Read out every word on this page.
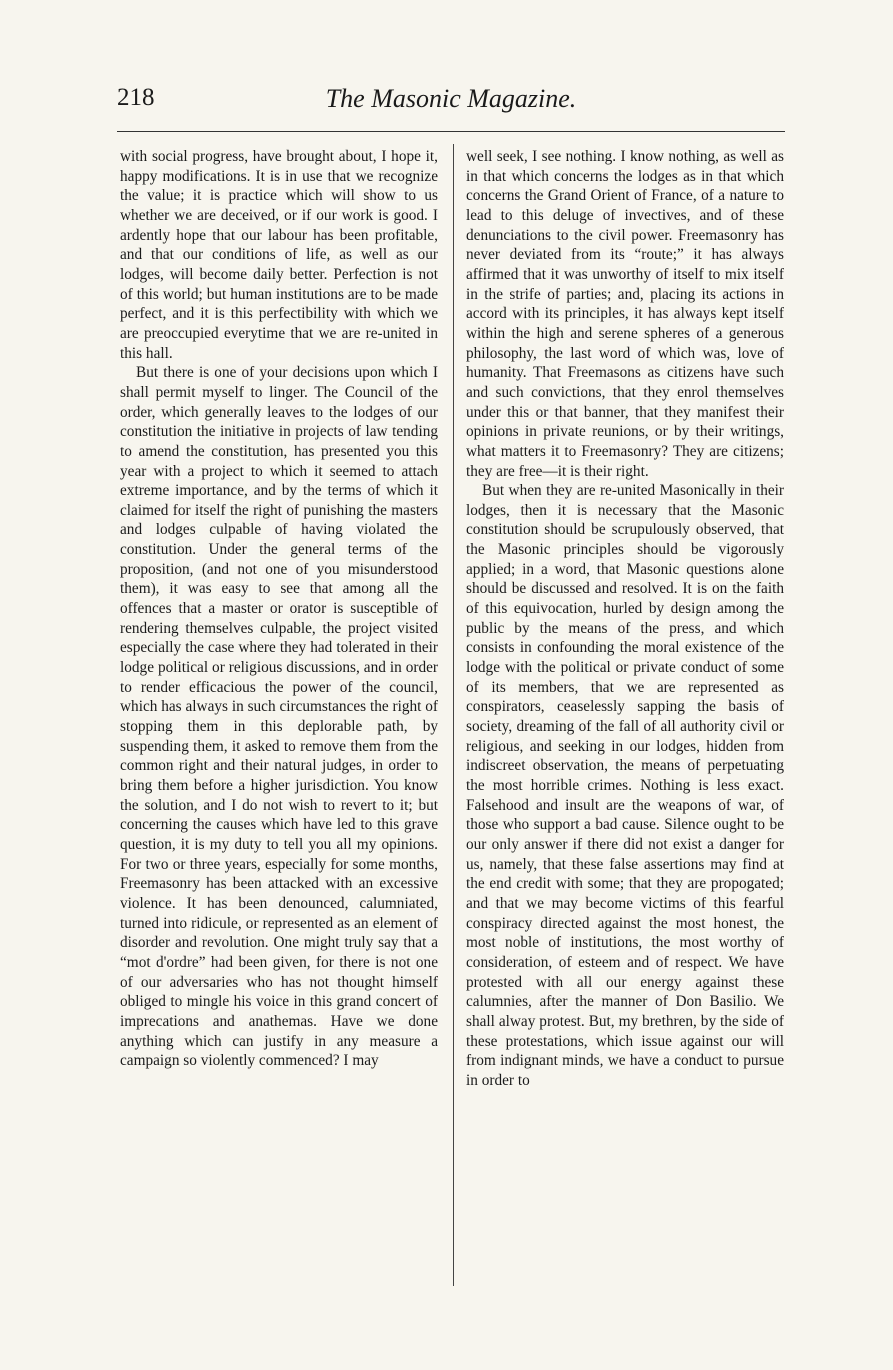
218	The Masonic Magazine.

with social progress, have brought about, I hope it, happy modifications. It is in use that we recognize the value; it is practice which will show to us whether we are deceived, or if our work is good. I ardently hope that our labour has been profitable, and that our conditions of life, as well as our lodges, will become daily better. Perfection is not of this world; but human institutions are to be made perfect, and it is this perfectibility with which we are preoccupied everytime that we are re-united in this hall.

But there is one of your decisions upon which I shall permit myself to linger. The Council of the order, which generally leaves to the lodges of our constitution the initiative in projects of law tending to amend the constitution, has presented you this year with a project to which it seemed to attach extreme importance, and by the terms of which it claimed for itself the right of punishing the masters and lodges culpable of having violated the constitution. Under the general terms of the proposition, (and not one of you misunderstood them), it was easy to see that among all the offences that a master or orator is susceptible of rendering themselves culpable, the project visited especially the case where they had tolerated in their lodge political or religious discussions, and in order to render efficacious the power of the council, which has always in such circumstances the right of stopping them in this deplorable path, by suspending them, it asked to remove them from the common right and their natural judges, in order to bring them before a higher jurisdiction. You know the solution, and I do not wish to revert to it; but concerning the causes which have led to this grave question, it is my duty to tell you all my opinions. For two or three years, especially for some months, Freemasonry has been attacked with an excessive violence. It has been denounced, calumniated, turned into ridicule, or represented as an element of disorder and revolution. One might truly say that a “mot d'ordre” had been given, for there is not one of our adversaries who has not thought himself obliged to mingle his voice in this grand concert of imprecations and anathemas. Have we done anything which can justify in any measure a campaign so violently commenced? I may

well seek, I see nothing. I know nothing, as well as in that which concerns the lodges as in that which concerns the Grand Orient of France, of a nature to lead to this deluge of invectives, and of these denunciations to the civil power. Freemasonry has never deviated from its “route;” it has always affirmed that it was unworthy of itself to mix itself in the strife of parties; and, placing its actions in accord with its principles, it has always kept itself within the high and serene spheres of a generous philosophy, the last word of which was, love of humanity. That Freemasons as citizens have such and such convictions, that they enrol themselves under this or that banner, that they manifest their opinions in private reunions, or by their writings, what matters it to Freemasonry? They are citizens; they are free—it is their right.

But when they are re-united Masonically in their lodges, then it is necessary that the Masonic constitution should be scrupulously observed, that the Masonic principles should be vigorously applied; in a word, that Masonic questions alone should be discussed and resolved. It is on the faith of this equivocation, hurled by design among the public by the means of the press, and which consists in confounding the moral existence of the lodge with the political or private conduct of some of its members, that we are represented as conspirators, ceaselessly sapping the basis of society, dreaming of the fall of all authority civil or religious, and seeking in our lodges, hidden from indiscreet observation, the means of perpetuating the most horrible crimes. Nothing is less exact. Falsehood and insult are the weapons of war, of those who support a bad cause. Silence ought to be our only answer if there did not exist a danger for us, namely, that these false assertions may find at the end credit with some; that they are propogated; and that we may become victims of this fearful conspiracy directed against the most honest, the most noble of institutions, the most worthy of consideration, of esteem and of respect. We have protested with all our energy against these calumnies, after the manner of Don Basilio. We shall alway protest. But, my brethren, by the side of these protestations, which issue against our will from indignant minds, we have a conduct to pursue in order to
